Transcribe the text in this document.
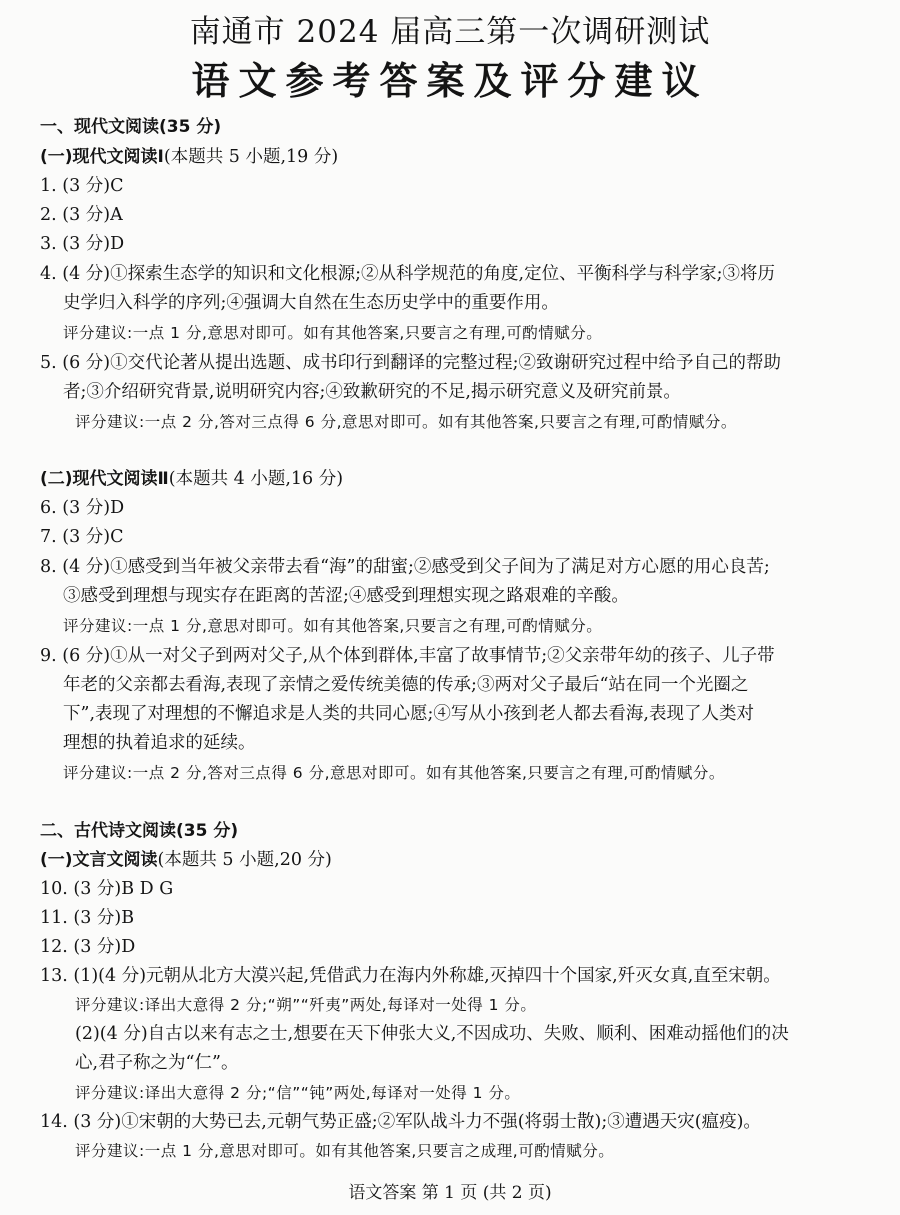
南通市 2024 届高三第一次调研测试
语文参考答案及评分建议
一、现代文阅读(35 分)
(一)现代文阅读Ⅰ(本题共 5 小题,19 分)
1. (3 分)C
2. (3 分)A
3. (3 分)D
4. (4 分)①探索生态学的知识和文化根源;②从科学规范的角度,定位、平衡科学与科学家;③将历
史学归入科学的序列;④强调大自然在生态历史学中的重要作用。
评分建议:一点 1 分,意思对即可。如有其他答案,只要言之有理,可酌情赋分。
5. (6 分)①交代论著从提出选题、成书印行到翻译的完整过程;②致谢研究过程中给予自己的帮助
者;③介绍研究背景,说明研究内容;④致歉研究的不足,揭示研究意义及研究前景。
评分建议:一点 2 分,答对三点得 6 分,意思对即可。如有其他答案,只要言之有理,可酌情赋分。
(二)现代文阅读Ⅱ(本题共 4 小题,16 分)
6. (3 分)D
7. (3 分)C
8. (4 分)①感受到当年被父亲带去看“海”的甜蜜;②感受到父子间为了满足对方心愿的用心良苦;
③感受到理想与现实存在距离的苦涩;④感受到理想实现之路艰难的辛酸。
评分建议:一点 1 分,意思对即可。如有其他答案,只要言之有理,可酌情赋分。
9. (6 分)①从一对父子到两对父子,从个体到群体,丰富了故事情节;②父亲带年幼的孩子、儿子带
年老的父亲都去看海,表现了亲情之爱传统美德的传承;③两对父子最后“站在同一个光圈之
下”,表现了对理想的不懈追求是人类的共同心愿;④写从小孩到老人都去看海,表现了人类对
理想的执着追求的延续。
评分建议:一点 2 分,答对三点得 6 分,意思对即可。如有其他答案,只要言之有理,可酌情赋分。
二、古代诗文阅读(35 分)
(一)文言文阅读(本题共 5 小题,20 分)
10. (3 分)B D G
11. (3 分)B
12. (3 分)D
13. (1)(4 分)元朝从北方大漠兴起,凭借武力在海内外称雄,灭掉四十个国家,歼灭女真,直至宋朝。
评分建议:译出大意得 2 分;“朔”“歼夷”两处,每译对一处得 1 分。
(2)(4 分)自古以来有志之士,想要在天下伸张大义,不因成功、失败、顺利、困难动摇他们的决
心,君子称之为“仁”。
评分建议:译出大意得 2 分;“信”“钝”两处,每译对一处得 1 分。
14. (3 分)①宋朝的大势已去,元朝气势正盛;②军队战斗力不强(将弱士散);③遭遇天灾(瘟疫)。
评分建议:一点 1 分,意思对即可。如有其他答案,只要言之成理,可酌情赋分。
语文答案 第 1 页 (共 2 页)
